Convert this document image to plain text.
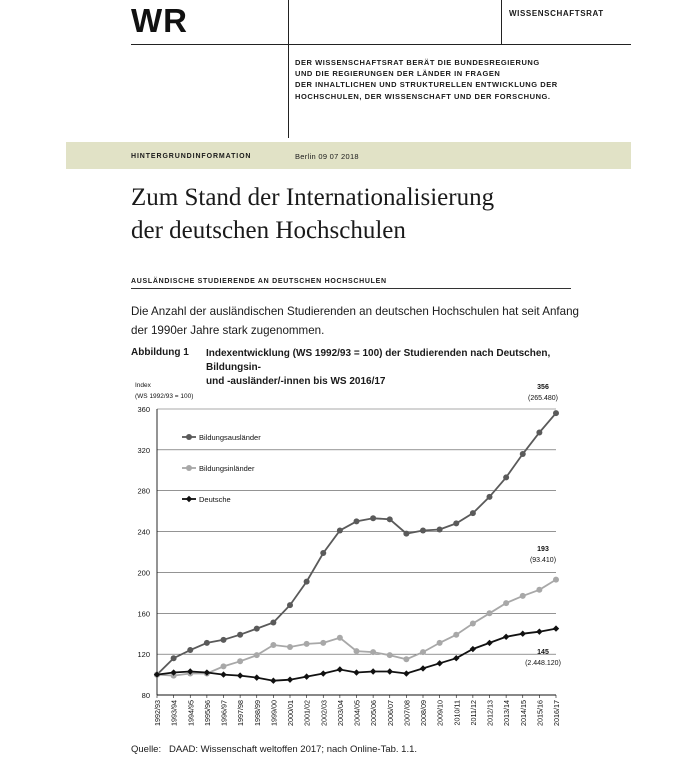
WR	WISSENSCHAFTSRAT
DER WISSENSCHAFTSRAT BERÄT DIE BUNDESREGIERUNG
UND DIE REGIERUNGEN DER LÄNDER IN FRAGEN
DER INHALTLICHEN UND STRUKTURELLEN ENTWICKLUNG DER
HOCHSCHULEN, DER WISSENSCHAFT UND DER FORSCHUNG.
HINTERGRUNDINFORMATION	Berlin 09 07 2018
Zum Stand der Internationalisierung
der deutschen Hochschulen
AUSLÄNDISCHE STUDIERENDE AN DEUTSCHEN HOCHSCHULEN
Die Anzahl der ausländischen Studierenden an deutschen Hochschulen hat seit Anfang
der 1990er Jahre stark zugenommen.
Abbildung 1 Indexentwicklung (WS 1992/93 = 100) der Studierenden nach Deutschen, Bildungsin-
und -ausländer/-innen bis WS 2016/17
Index
(WS 1992/93 = 100)
80
120
160
200
240
280
320
360
1992/93 1993/94 1994/95 1995/96 1996/97 1997/98 1998/99 1999/00 2000/01 2001/02 2002/03 2003/04 2004/05 2005/06 2006/07 2007/08 2008/09 2009/10 2010/11 2011/12 2012/13 2013/14 2014/15 2015/16 2016/17
Bildungsausländer
Bildungsinländer
Deutsche
356
(265.480)
193
(93.410)
145
(2.448.120)
Quelle: DAAD: Wissenschaft weltoffen 2017; nach Online-Tab. 1.1.
